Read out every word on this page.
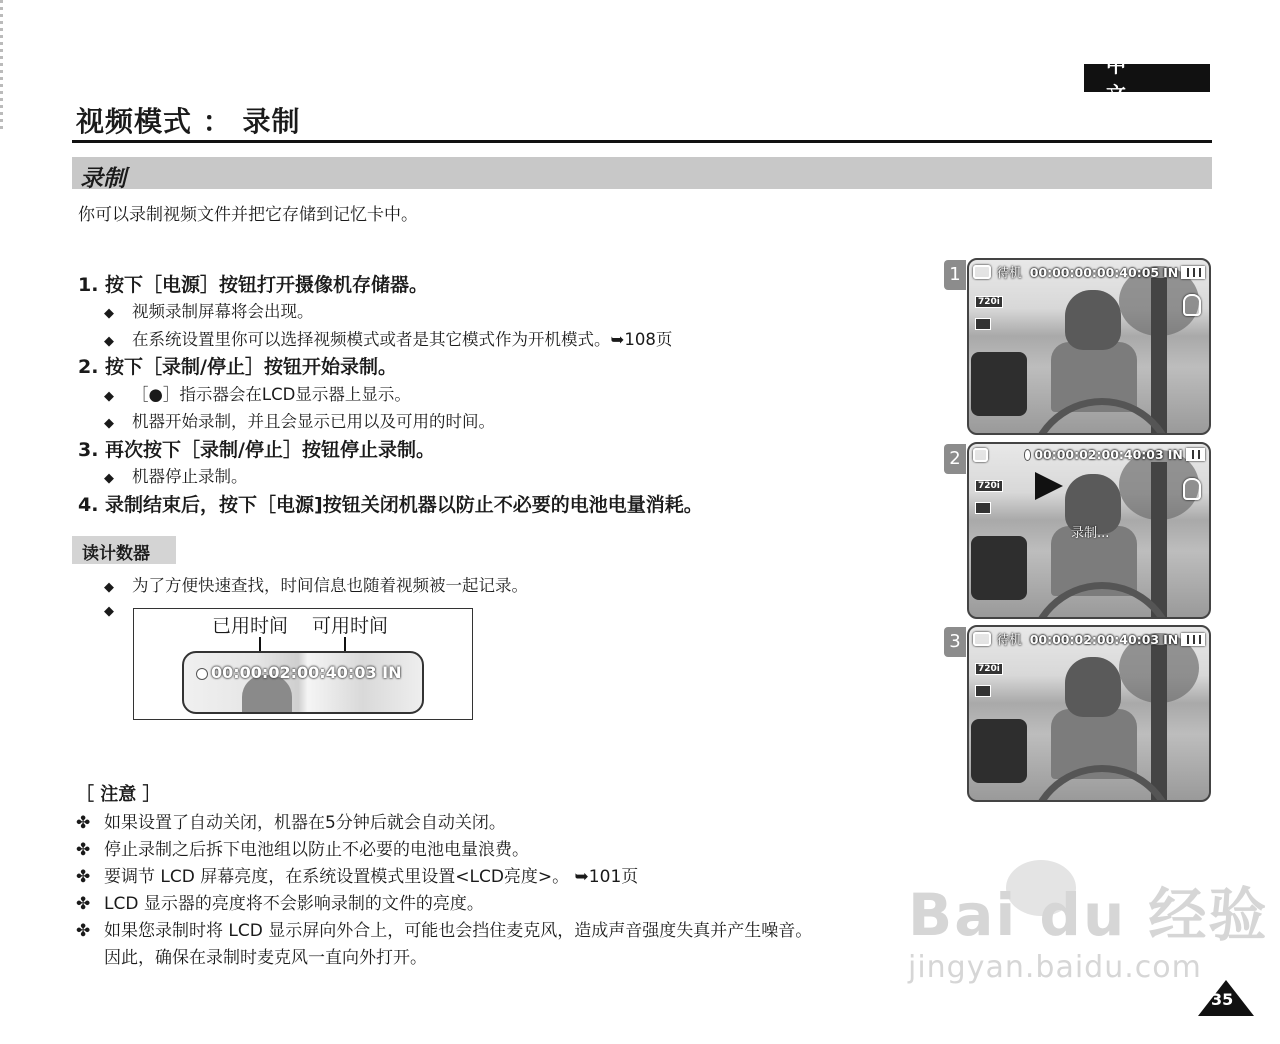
中 文
视频模式 ： 录制
录制
你可以录制视频文件并把它存储到记忆卡中。
1. 按下［电源］按钮打开摄像机存储器。
◆ 视频录制屏幕将会出现。
◆ 在系统设置里你可以选择视频模式或者是其它模式作为开机模式。➥108页
2. 按下［录制/停止］按钮开始录制。
◆ ［●］指示器会在LCD显示器上显示。
◆ 机器开始录制，并且会显示已用以及可用的时间。
3. 再次按下［录制/停止］按钮停止录制。
◆ 机器停止录制。
4. 录制结束后，按下［电源]按钮关闭机器以防止不必要的电池电量消耗。
读计数器
◆ 为了方便快速查找，时间信息也随着视频被一起记录。
◆
已用时间 可用时间
00:00:02:00:40:03 IN
［ 注意 ］
✤ 如果设置了自动关闭，机器在5分钟后就会自动关闭。
✤ 停止录制之后拆下电池组以防止不必要的电池电量浪费。
✤ 要调节 LCD 屏幕亮度，在系统设置模式里设置<LCD亮度>。 ➥101页
✤ LCD 显示器的亮度将不会影响录制的文件的亮度。
✤ 如果您录制时将 LCD 显示屏向外合上，可能也会挡住麦克风，造成声音强度失真并产生噪音。
因此，确保在录制时麦克风一直向外打开。
1	待机 00:00:00:00:40:05 IN
720i
2	00:00:02:00:40:03 IN
720i
录制...
3	待机 00:00:02:00:40:03 IN
720i
Bai du 经验
jingyan.baidu.com
35
